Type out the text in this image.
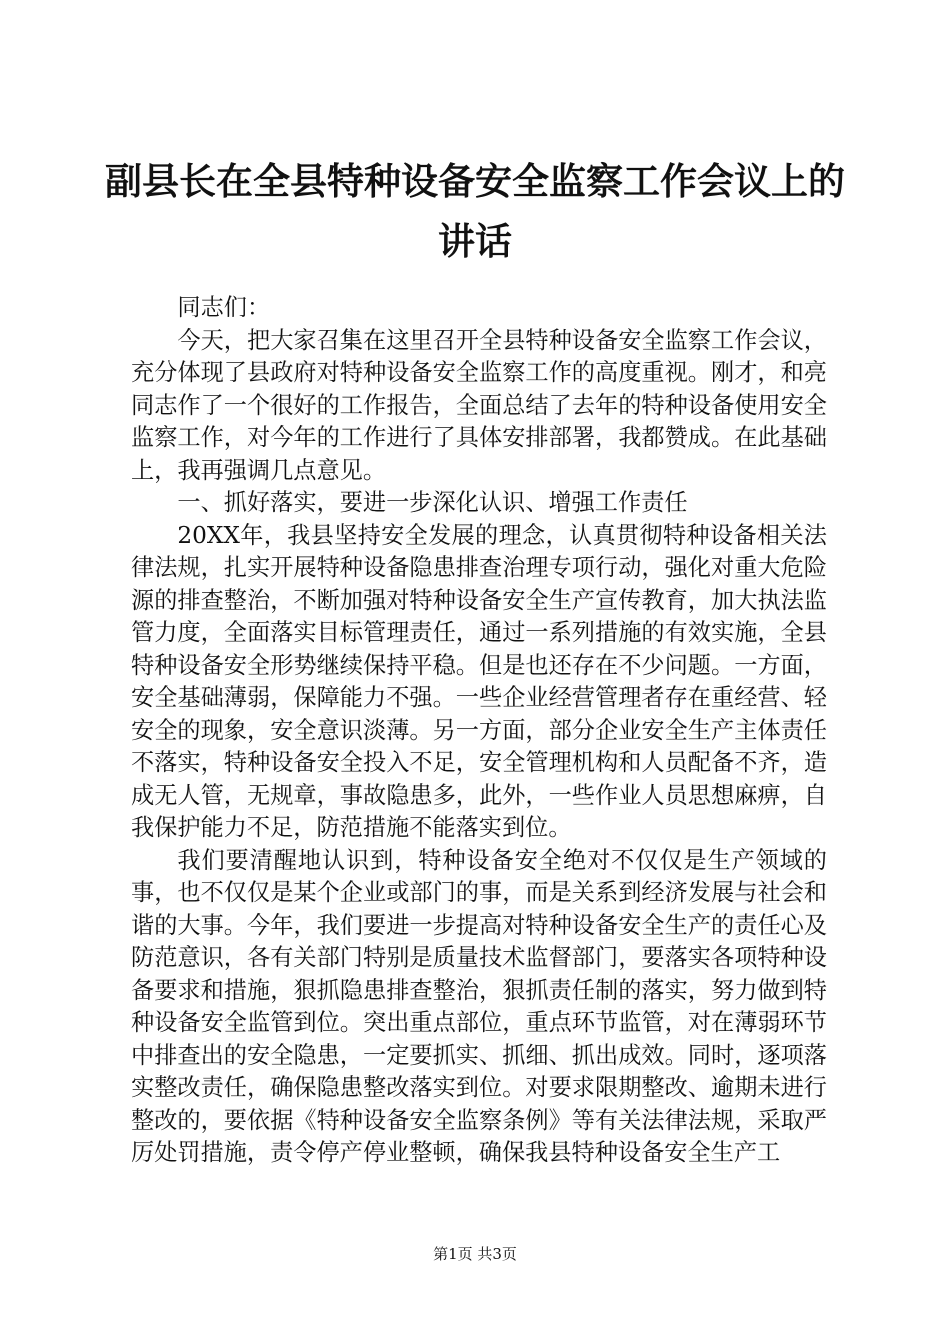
副县长在全县特种设备安全监察工作会议上的
讲话

同志们：

今天，把大家召集在这里召开全县特种设备安全监察工作会议，充分体现了县政府对特种设备安全监察工作的高度重视。刚才，和亮同志作了一个很好的工作报告，全面总结了去年的特种设备使用安全监察工作，对今年的工作进行了具体安排部署，我都赞成。在此基础上，我再强调几点意见。

一、抓好落实，要进一步深化认识、增强工作责任

20XX年，我县坚持安全发展的理念，认真贯彻特种设备相关法律法规，扎实开展特种设备隐患排查治理专项行动，强化对重大危险源的排查整治，不断加强对特种设备安全生产宣传教育，加大执法监管力度，全面落实目标管理责任，通过一系列措施的有效实施，全县特种设备安全形势继续保持平稳。但是也还存在不少问题。一方面，安全基础薄弱，保障能力不强。一些企业经营管理者存在重经营、轻安全的现象，安全意识淡薄。另一方面，部分企业安全生产主体责任不落实，特种设备安全投入不足，安全管理机构和人员配备不齐，造成无人管，无规章，事故隐患多，此外，一些作业人员思想麻痹，自我保护能力不足，防范措施不能落实到位。

我们要清醒地认识到，特种设备安全绝对不仅仅是生产领域的事，也不仅仅是某个企业或部门的事，而是关系到经济发展与社会和谐的大事。今年，我们要进一步提高对特种设备安全生产的责任心及防范意识，各有关部门特别是质量技术监督部门，要落实各项特种设备要求和措施，狠抓隐患排查整治，狠抓责任制的落实，努力做到特种设备安全监管到位。突出重点部位，重点环节监管，对在薄弱环节中排查出的安全隐患，一定要抓实、抓细、抓出成效。同时，逐项落实整改责任，确保隐患整改落实到位。对要求限期整改、逾期未进行整改的，要依据《特种设备安全监察条例》等有关法律法规，采取严厉处罚措施，责令停产停业整顿，确保我县特种设备安全生产工

第1页 共3页
